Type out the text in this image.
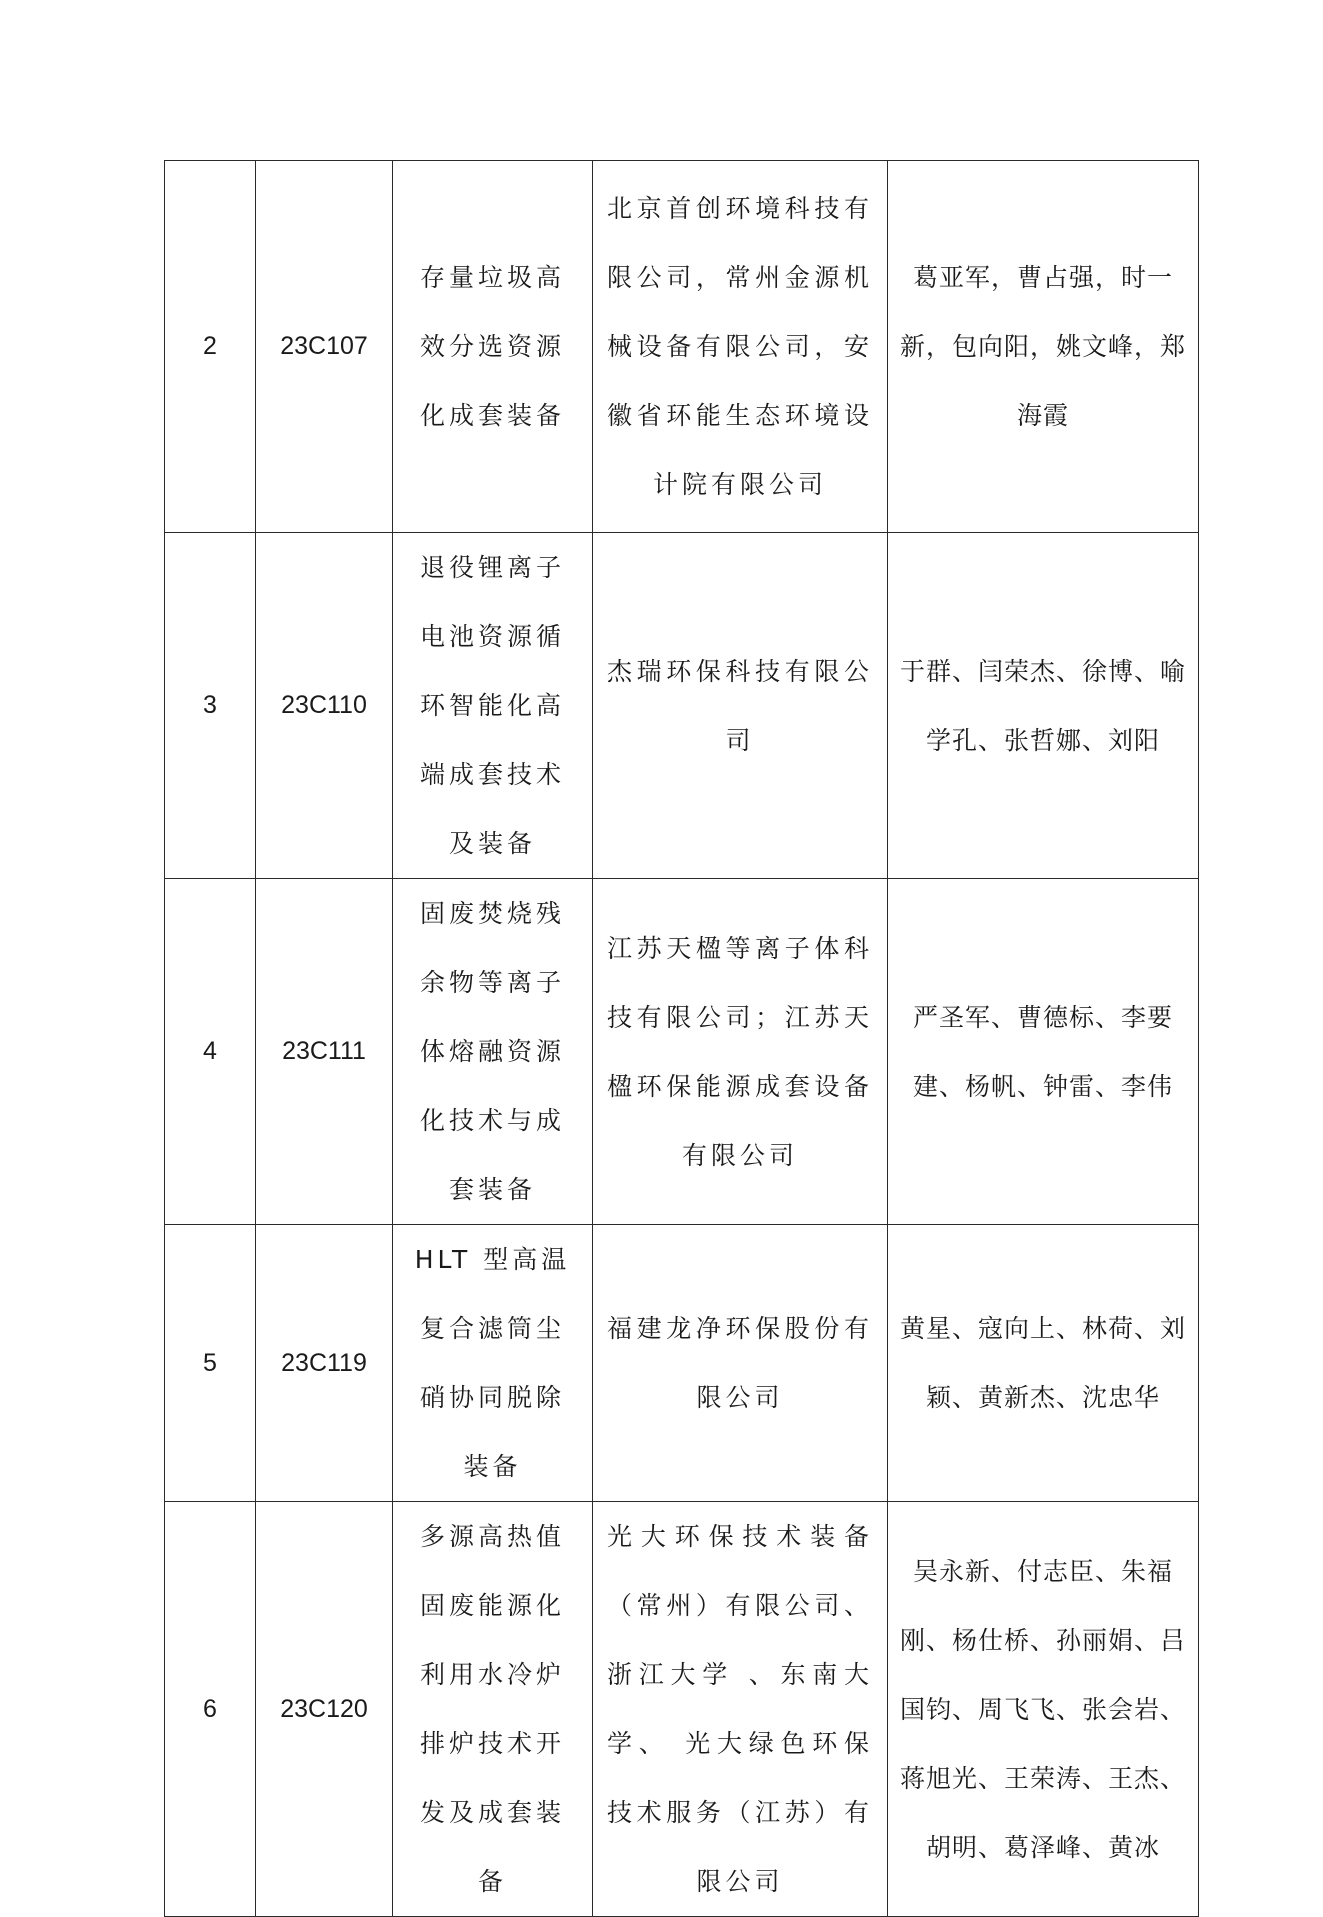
2	23C107	存量垃圾高效分选资源化成套装备	北京首创环境科技有限公司，常州金源机械设备有限公司，安徽省环能生态环境设计院有限公司	葛亚军，曹占强，时一新，包向阳，姚文峰，郑海霞

3	23C110	退役锂离子电池资源循环智能化高端成套技术及装备	杰瑞环保科技有限公司	于群、闫荣杰、徐博、喻学孔、张哲娜、刘阳

4	23C111	固废焚烧残余物等离子体熔融资源化技术与成套装备	江苏天楹等离子体科技有限公司；江苏天楹环保能源成套设备有限公司	严圣军、曹德标、李要建、杨帆、钟雷、李伟

5	23C119	HLT 型高温复合滤筒尘硝协同脱除装备	福建龙净环保股份有限公司	黄星、寇向上、林荷、刘颖、黄新杰、沈忠华

6	23C120	多源高热值固废能源化利用水冷炉排炉技术开发及成套装备	光大环保技术装备（常州）有限公司、 浙江大学 、东南大学、 光大绿色环保技术服务（江苏）有限公司	吴永新、付志臣、朱福刚、杨仕桥、孙丽娟、吕国钧、周飞飞、张会岩、蒋旭光、王荣涛、王杰、胡明、葛泽峰、黄冰
